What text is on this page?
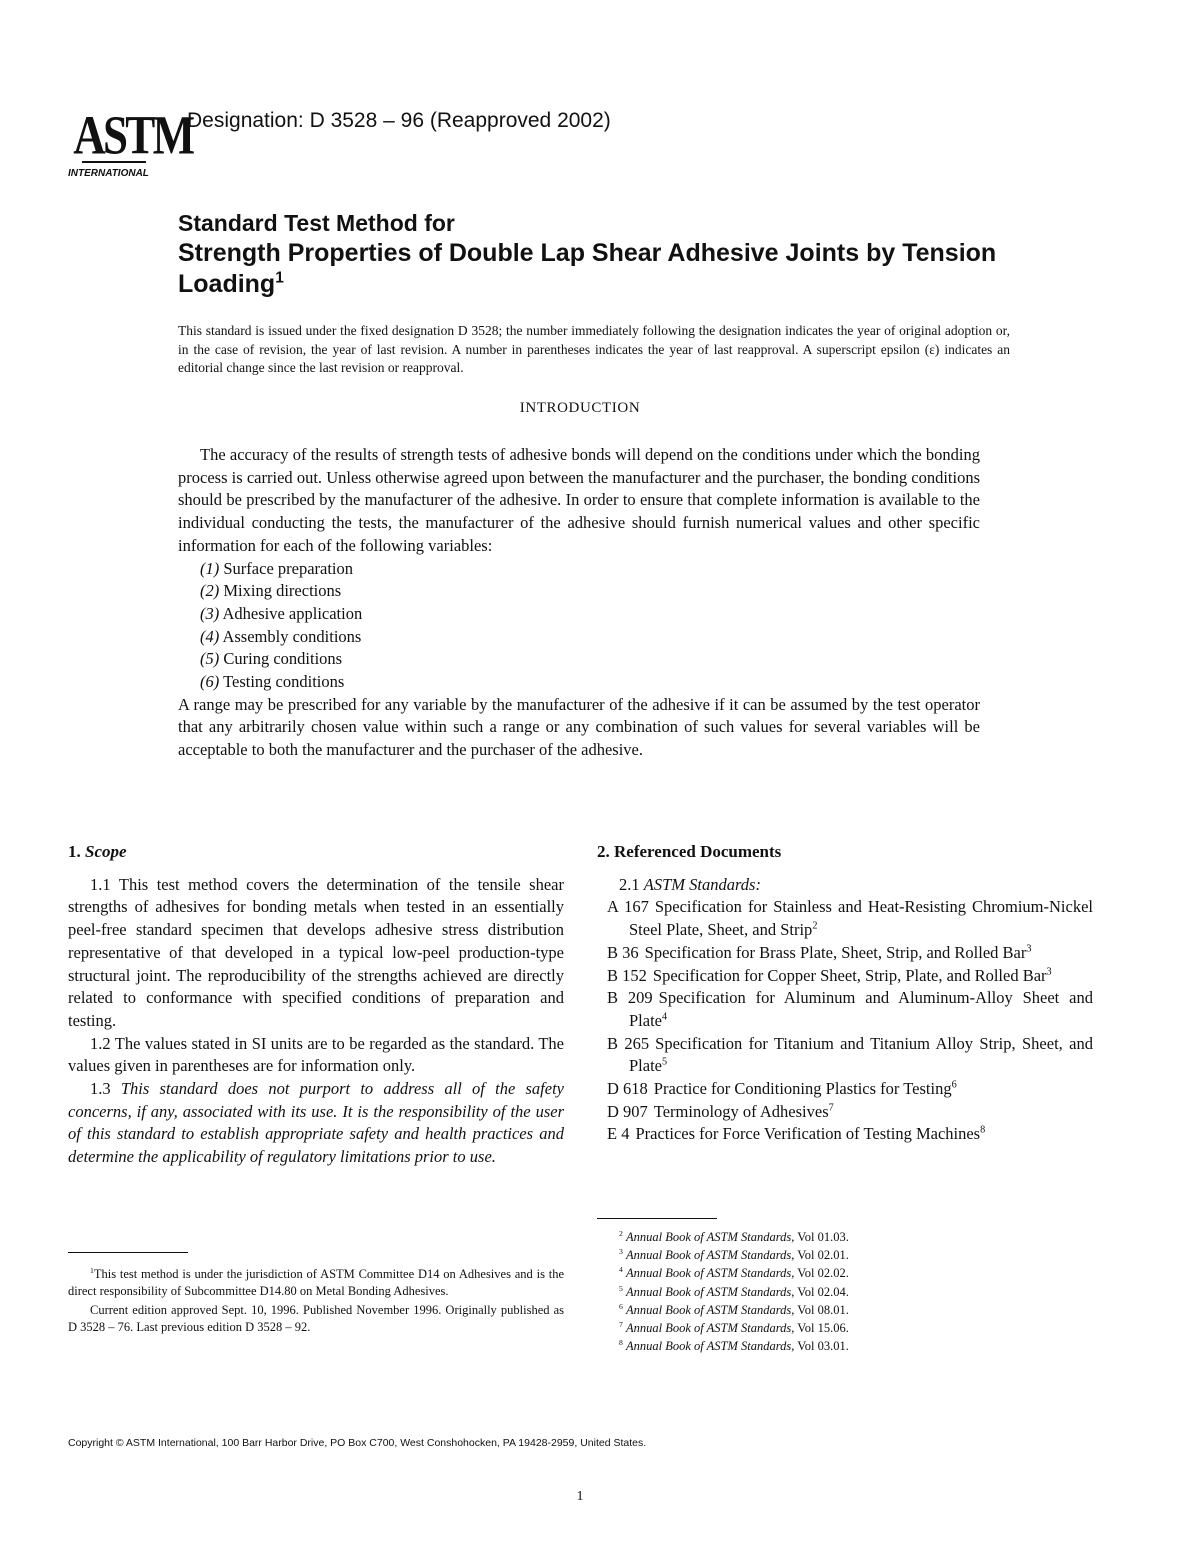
ASTM
INTERNATIONAL
Designation: D 3528 – 96 (Reapproved 2002)
Standard Test Method for
Strength Properties of Double Lap Shear Adhesive Joints by Tension Loading$^1$
This standard is issued under the fixed designation D 3528; the number immediately following the designation indicates the year of original adoption or, in the case of revision, the year of last revision. A number in parentheses indicates the year of last reapproval. A superscript epsilon (ε) indicates an editorial change since the last revision or reapproval.
INTRODUCTION

The accuracy of the results of strength tests of adhesive bonds will depend on the conditions under which the bonding process is carried out. Unless otherwise agreed upon between the manufacturer and the purchaser, the bonding conditions should be prescribed by the manufacturer of the adhesive. In order to ensure that complete information is available to the individual conducting the tests, the manufacturer of the adhesive should furnish numerical values and other specific information for each of the following variables:

(1) Surface preparation
(2) Mixing directions
(3) Adhesive application
(4) Assembly conditions
(5) Curing conditions
(6) Testing conditions

A range may be prescribed for any variable by the manufacturer of the adhesive if it can be assumed by the test operator that any arbitrarily chosen value within such a range or any combination of such values for several variables will be acceptable to both the manufacturer and the purchaser of the adhesive.

1. Scope

1.1 This test method covers the determination of the tensile shear strengths of adhesives for bonding metals when tested in an essentially peel-free standard specimen that develops adhesive stress distribution representative of that developed in a typical low-peel production-type structural joint. The reproducibility of the strengths achieved are directly related to conformance with specified conditions of preparation and testing.

1.2 The values stated in SI units are to be regarded as the standard. The values given in parentheses are for information only.

1.3 This standard does not purport to address all of the safety concerns, if any, associated with its use. It is the responsibility of the user of this standard to establish appropriate safety and health practices and determine the applicability of regulatory limitations prior to use.

2. Referenced Documents

2.1 ASTM Standards:

A 167 Specification for Stainless and Heat-Resisting Chromium-Nickel Steel Plate, Sheet, and Strip$^2$

B 36 Specification for Brass Plate, Sheet, Strip, and Rolled Bar$^3$

B 152 Specification for Copper Sheet, Strip, Plate, and Rolled Bar$^3$

B 209 Specification for Aluminum and Aluminum-Alloy Sheet and Plate$^4$

B 265 Specification for Titanium and Titanium Alloy Strip, Sheet, and Plate$^5$

D 618 Practice for Conditioning Plastics for Testing$^6$

D 907 Terminology of Adhesives$^7$

E 4 Practices for Force Verification of Testing Machines$^8$

$^1$This test method is under the jurisdiction of ASTM Committee D14 on Adhesives and is the direct responsibility of Subcommittee D14.80 on Metal Bonding Adhesives.

Current edition approved Sept. 10, 1996. Published November 1996. Originally published as D 3528 – 76. Last previous edition D 3528 – 92.

$^2$ Annual Book of ASTM Standards, Vol 01.03.

$^3$ Annual Book of ASTM Standards, Vol 02.01.

$^4$ Annual Book of ASTM Standards, Vol 02.02.

$^5$ Annual Book of ASTM Standards, Vol 02.04.

$^6$ Annual Book of ASTM Standards, Vol 08.01.

$^7$ Annual Book of ASTM Standards, Vol 15.06.

$^8$ Annual Book of ASTM Standards, Vol 03.01.

Copyright © ASTM International, 100 Barr Harbor Drive, PO Box C700, West Conshohocken, PA 19428-2959, United States.
1
